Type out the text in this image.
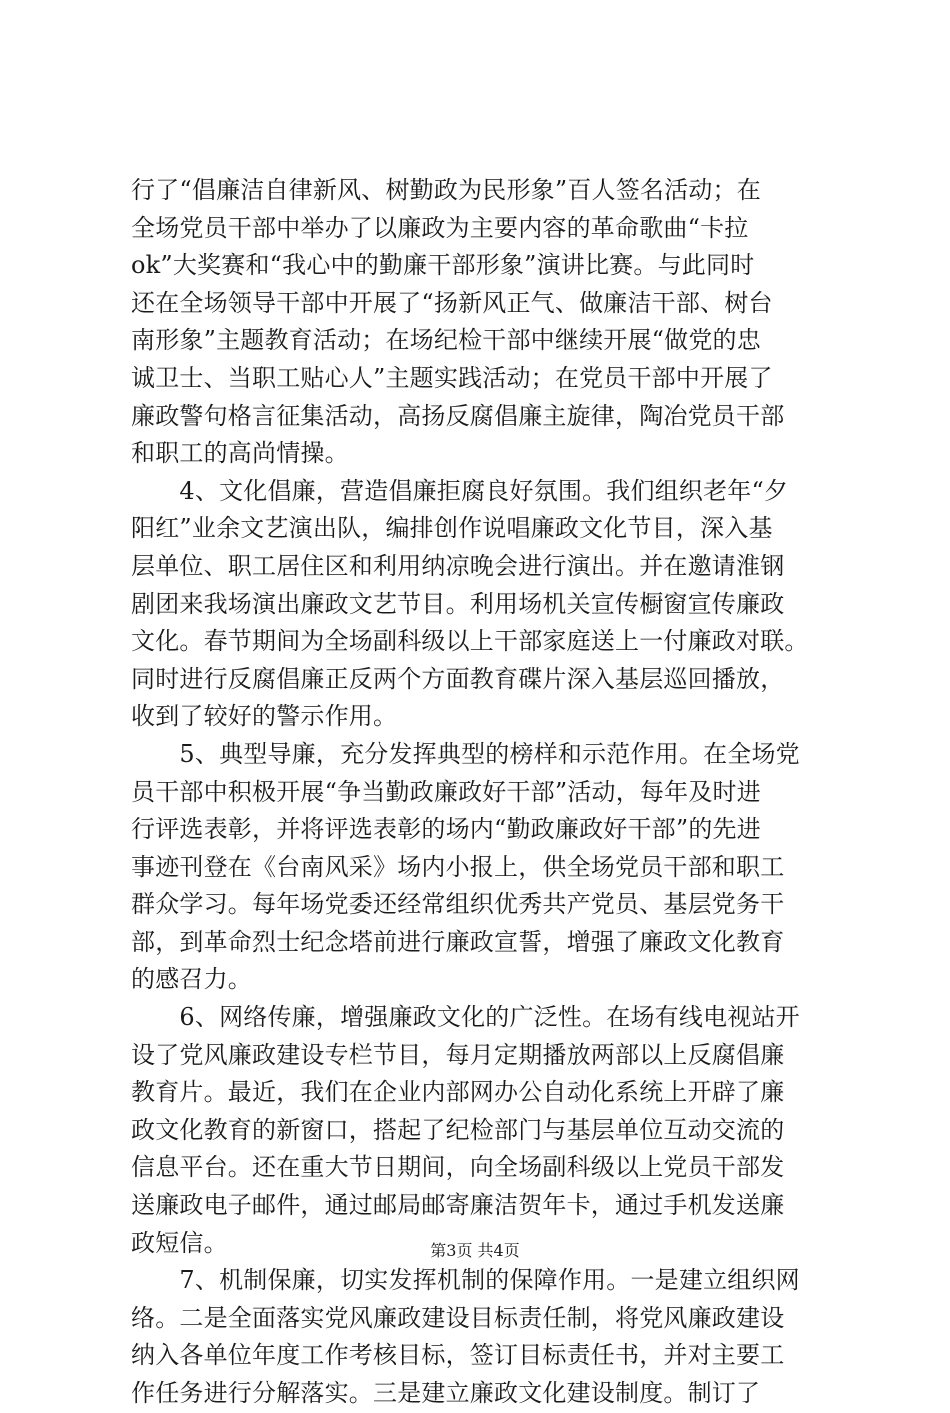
行了“倡廉洁自律新风、树勤政为民形象”百人签名活动；在
全场党员干部中举办了以廉政为主要内容的革命歌曲“卡拉
ok”大奖赛和“我心中的勤廉干部形象”演讲比赛。与此同时
还在全场领导干部中开展了“扬新风正气、做廉洁干部、树台
南形象”主题教育活动；在场纪检干部中继续开展“做党的忠
诚卫士、当职工贴心人”主题实践活动；在党员干部中开展了
廉政警句格言征集活动，高扬反腐倡廉主旋律，陶冶党员干部
和职工的高尚情操。
　　4、文化倡廉，营造倡廉拒腐良好氛围。我们组织老年“夕
阳红”业余文艺演出队，编排创作说唱廉政文化节目，深入基
层单位、职工居住区和利用纳凉晚会进行演出。并在邀请淮钢
剧团来我场演出廉政文艺节目。利用场机关宣传橱窗宣传廉政
文化。春节期间为全场副科级以上干部家庭送上一付廉政对联。
同时进行反腐倡廉正反两个方面教育碟片深入基层巡回播放，
收到了较好的警示作用。
　　5、典型导廉，充分发挥典型的榜样和示范作用。在全场党
员干部中积极开展“争当勤政廉政好干部”活动，每年及时进
行评选表彰，并将评选表彰的场内“勤政廉政好干部”的先进
事迹刊登在《台南风采》场内小报上，供全场党员干部和职工
群众学习。每年场党委还经常组织优秀共产党员、基层党务干
部，到革命烈士纪念塔前进行廉政宣誓，增强了廉政文化教育
的感召力。
　　6、网络传廉，增强廉政文化的广泛性。在场有线电视站开
设了党风廉政建设专栏节目，每月定期播放两部以上反腐倡廉
教育片。最近，我们在企业内部网办公自动化系统上开辟了廉
政文化教育的新窗口，搭起了纪检部门与基层单位互动交流的
信息平台。还在重大节日期间，向全场副科级以上党员干部发
送廉政电子邮件，通过邮局邮寄廉洁贺年卡，通过手机发送廉
政短信。
　　7、机制保廉，切实发挥机制的保障作用。一是建立组织网
络。二是全面落实党风廉政建设目标责任制，将党风廉政建设
纳入各单位年度工作考核目标，签订目标责任书，并对主要工
作任务进行分解落实。三是建立廉政文化建设制度。制订了
第3页 共4页
